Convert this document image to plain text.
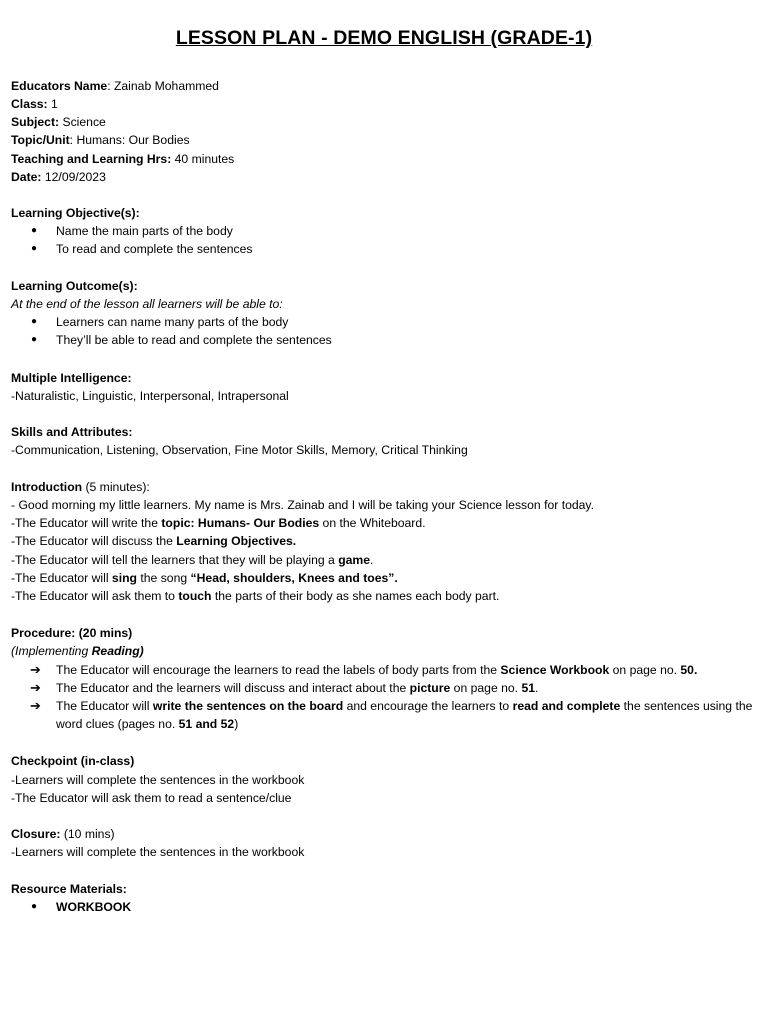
LESSON PLAN - DEMO ENGLISH (GRADE-1)
Educators Name: Zainab Mohammed
Class: 1
Subject: Science
Topic/Unit: Humans: Our Bodies
Teaching and Learning Hrs: 40 minutes
Date: 12/09/2023
Learning Objective(s):
● Name the main parts of the body
● To read and complete the sentences
Learning Outcome(s):
At the end of the lesson all learners will be able to:
● Learners can name many parts of the body
● They’ll be able to read and complete the sentences
Multiple Intelligence:
-Naturalistic, Linguistic, Interpersonal, Intrapersonal
Skills and Attributes:
-Communication, Listening, Observation, Fine Motor Skills, Memory, Critical Thinking
Introduction (5 minutes):
- Good morning my little learners. My name is Mrs. Zainab and I will be taking your Science lesson for today.
-The Educator will write the topic: Humans- Our Bodies on the Whiteboard.
-The Educator will discuss the Learning Objectives.
-The Educator will tell the learners that they will be playing a game.
-The Educator will sing the song “Head, shoulders, Knees and toes”.
-The Educator will ask them to touch the parts of their body as she names each body part.
Procedure: (20 mins)
(Implementing Reading)
➔ The Educator will encourage the learners to read the labels of body parts from the Science Workbook on page no. 50.
➔ The Educator and the learners will discuss and interact about the picture on page no. 51.
➔ The Educator will write the sentences on the board and encourage the learners to read and complete the sentences using the word clues (pages no. 51 and 52)
Checkpoint (in-class)
-Learners will complete the sentences in the workbook
-The Educator will ask them to read a sentence/clue
Closure: (10 mins)
-Learners will complete the sentences in the workbook
Resource Materials:
● WORKBOOK
